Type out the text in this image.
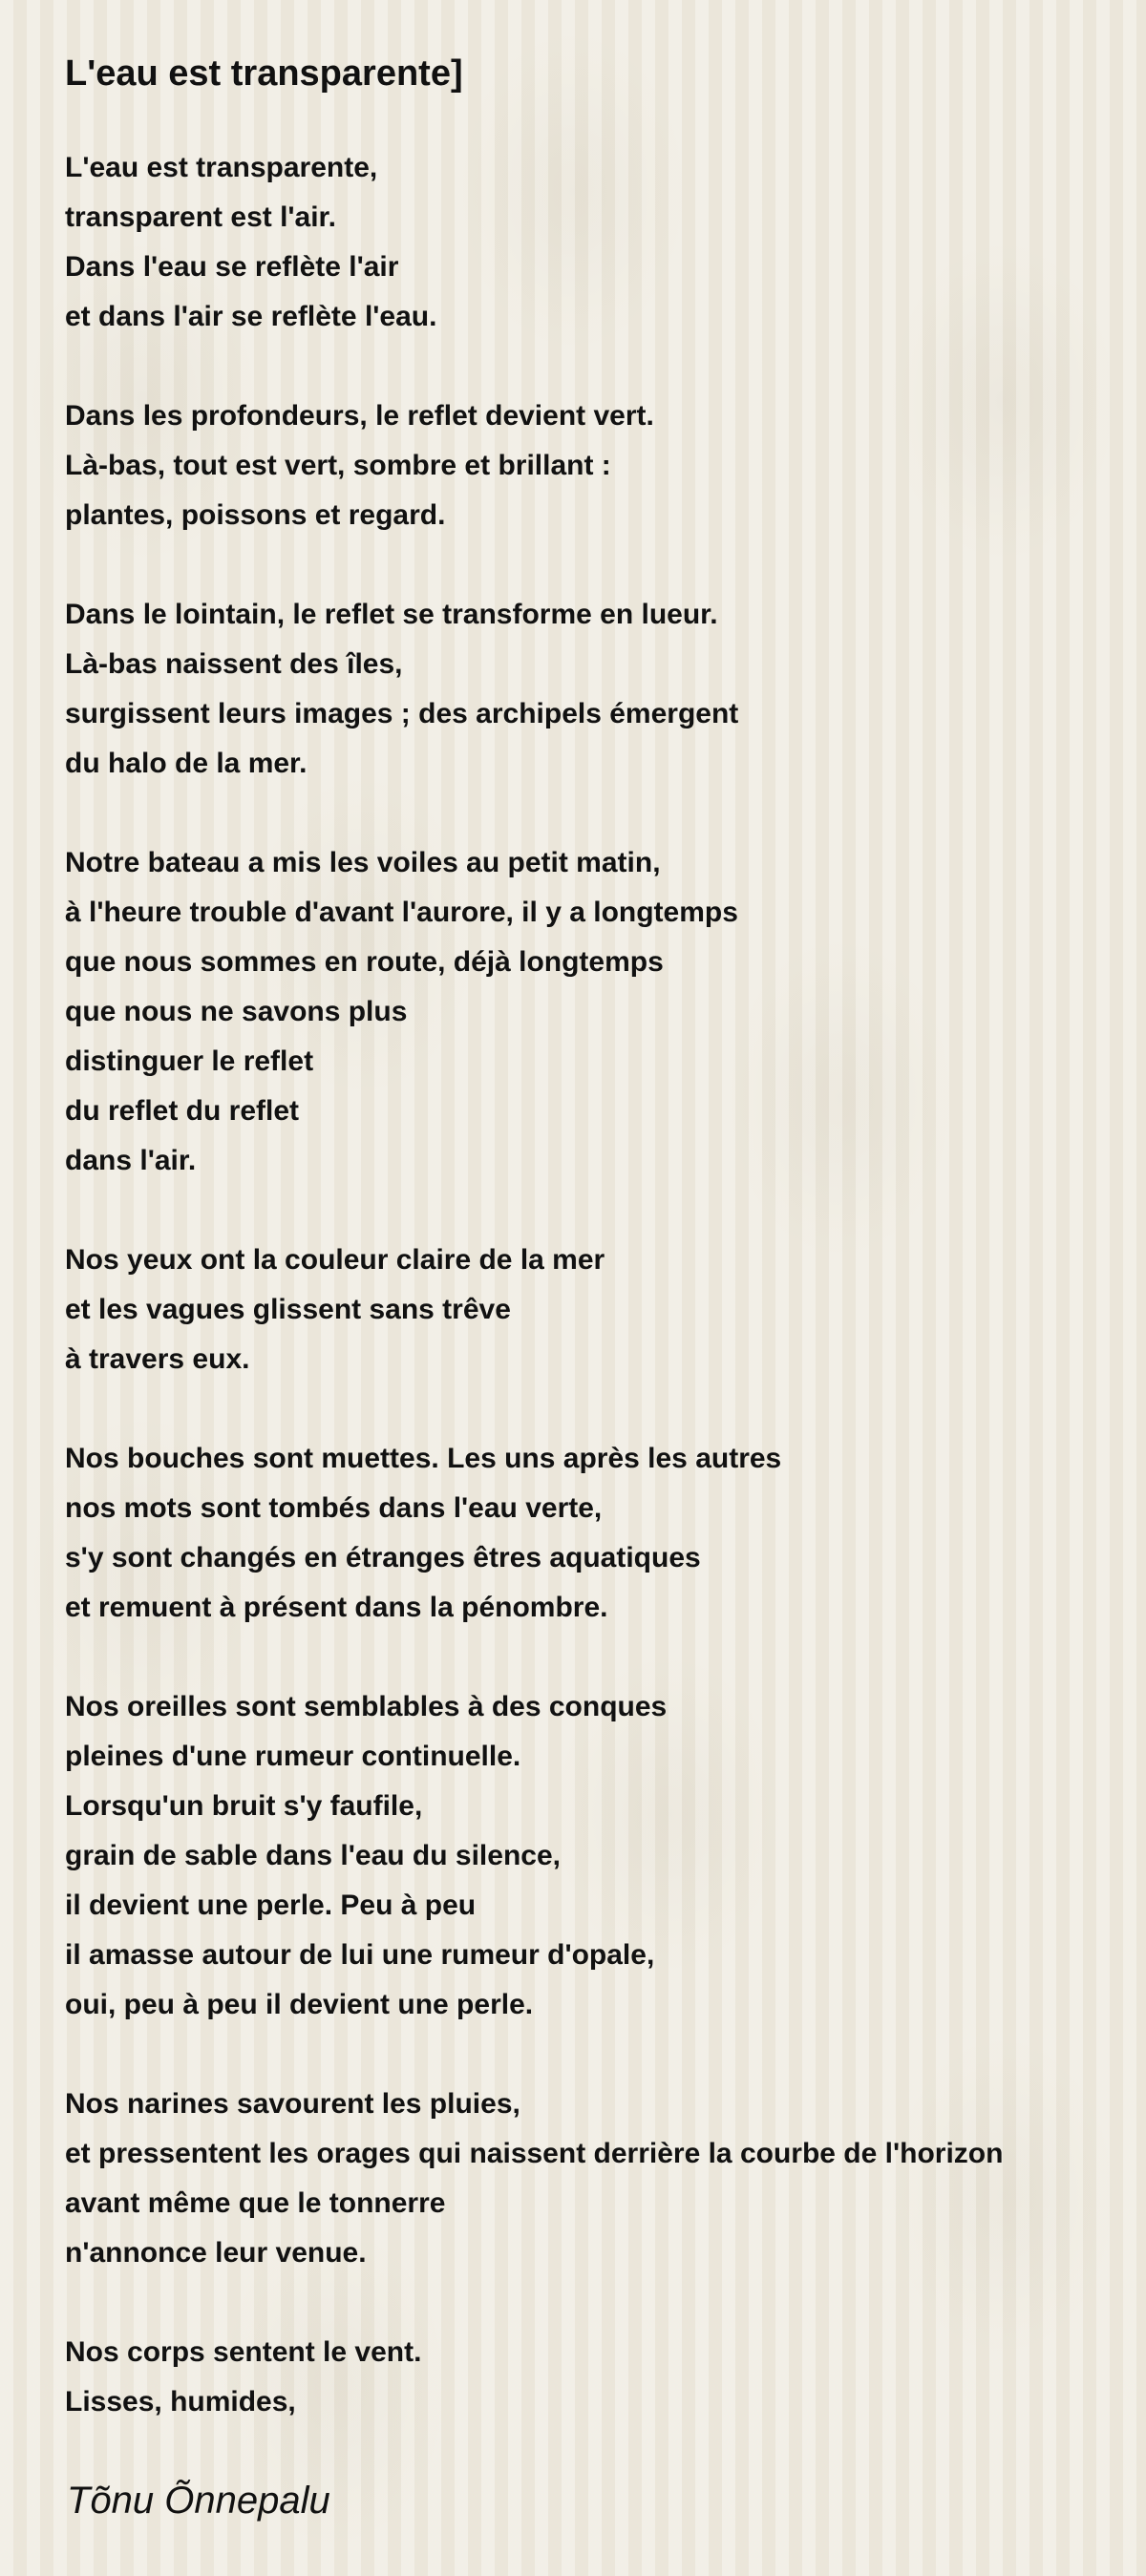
L'eau est transparente]
L'eau est transparente,
transparent est l'air.
Dans l'eau se reflète l'air
et dans l'air se reflète l'eau.
Dans les profondeurs, le reflet devient vert.
Là-bas, tout est vert, sombre et brillant :
plantes, poissons et regard.
Dans le lointain, le reflet se transforme en lueur.
Là-bas naissent des îles,
surgissent leurs images ; des archipels émergent
du halo de la mer.
Notre bateau a mis les voiles au petit matin,
à l'heure trouble d'avant l'aurore, il y a longtemps
que nous sommes en route, déjà longtemps
que nous ne savons plus
distinguer le reflet
du reflet du reflet
dans l'air.
Nos yeux ont la couleur claire de la mer
et les vagues glissent sans trêve
à travers eux.
Nos bouches sont muettes. Les uns après les autres
nos mots sont tombés dans l'eau verte,
s'y sont changés en étranges êtres aquatiques
et remuent à présent dans la pénombre.
Nos oreilles sont semblables à des conques
pleines d'une rumeur continuelle.
Lorsqu'un bruit s'y faufile,
grain de sable dans l'eau du silence,
il devient une perle. Peu à peu
il amasse autour de lui une rumeur d'opale,
oui, peu à peu il devient une perle.
Nos narines savourent les pluies,
et pressentent les orages qui naissent derrière la courbe de l'horizon
avant même que le tonnerre
n'annonce leur venue.
Nos corps sentent le vent.
Lisses, humides,
Tõnu Õnnepalu
